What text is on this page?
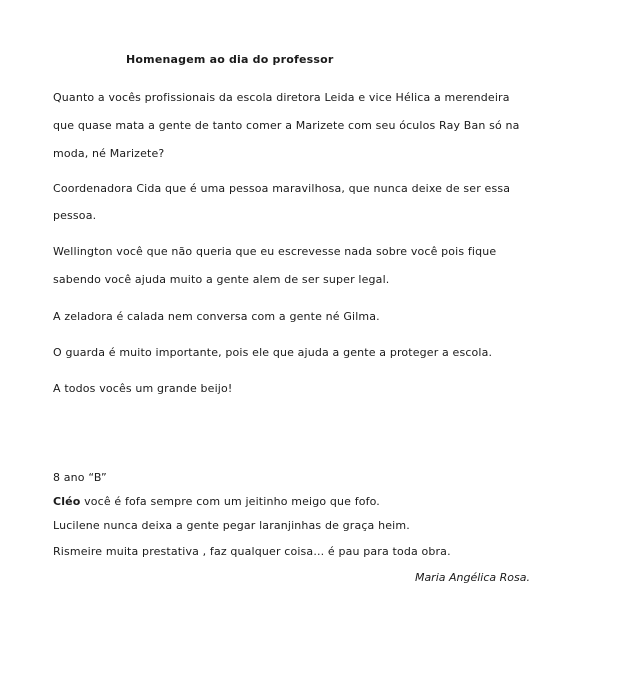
Homenagem ao dia do professor
Quanto a vocês profissionais da escola diretora Leida e vice Hélica a merendeira
que quase mata a gente de tanto comer a Marizete com seu óculos Ray Ban só na
moda, né Marizete?
Coordenadora Cida que é uma pessoa maravilhosa, que nunca deixe de ser essa
pessoa.
Wellington você que não queria que eu escrevesse nada sobre você pois fique
sabendo você ajuda muito a gente alem de ser super legal.
A zeladora é calada nem conversa com a gente né Gilma.
O guarda é muito importante, pois ele que ajuda a gente a proteger a escola.
A todos vocês um grande beijo!
8 ano “B”
Cléo você é fofa sempre com um jeitinho meigo que fofo.
Lucilene nunca deixa a gente pegar laranjinhas de graça heim.
Rismeire muita prestativa , faz qualquer coisa... é pau para toda obra.
Maria Angélica Rosa.
